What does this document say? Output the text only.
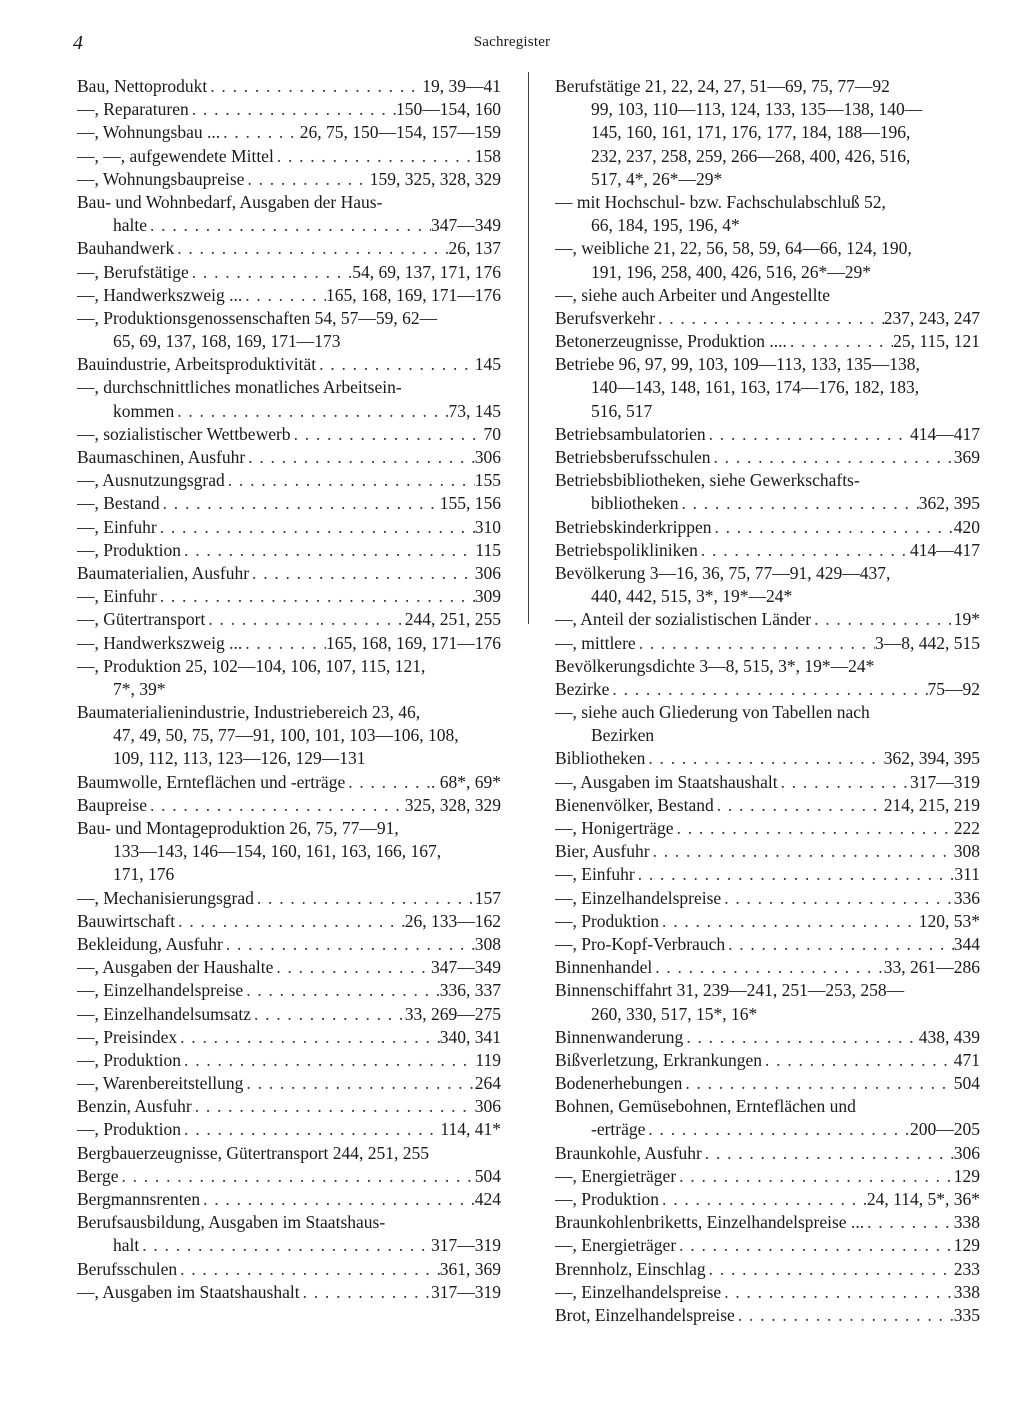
4	Sachregister
Bau, Nettoprodukt . . .	19, 39—41
—, Reparaturen . . .	150—154, 160
—, Wohnungsbau ... . . .	26, 75, 150—154, 157—159
—, —, aufgewendete Mittel . . .	158
—, Wohnungsbaupreise . . .	159, 325, 328, 329
Bau- und Wohnbedarf, Ausgaben der Haus-
halte . . .	347—349
Bauhandwerk . . .	26, 137
—, Berufstätige . . .	54, 69, 137, 171, 176
—, Handwerkszweig ... . . .	165, 168, 169, 171—176
—, Produktionsgenossenschaften 54, 57—59, 62—
65, 69, 137, 168, 169, 171—173
Bauindustrie, Arbeitsproduktivität . . .	145
—, durchschnittliches monatliches Arbeitsein-
kommen . . .	73, 145
—, sozialistischer Wettbewerb . . .	70
Baumaschinen, Ausfuhr . . .	306
—, Ausnutzungsgrad . . .	155
—, Bestand . . .	155, 156
—, Einfuhr . . .	310
—, Produktion . . .	115
Baumaterialien, Ausfuhr . . .	306
—, Einfuhr . . .	309
—, Gütertransport . . .	244, 251, 255
—, Handwerkszweig ... . . .	165, 168, 169, 171—176
—, Produktion 25, 102—104, 106, 107, 115, 121,
7*, 39*
Baumaterialienindustrie, Industriebereich 23, 46,
47, 49, 50, 75, 77—91, 100, 101, 103—106, 108,
109, 112, 113, 123—126, 129—131
Baumwolle, Ernteflächen und -erträge . . .	. 68*, 69*
Baupreise . . .	325, 328, 329
Bau- und Montageproduktion 26, 75, 77—91,
133—143, 146—154, 160, 161, 163, 166, 167,
171, 176
—, Mechanisierungsgrad . . .	157
Bauwirtschaft . . .	26, 133—162
Bekleidung, Ausfuhr . . .	308
—, Ausgaben der Haushalte . . .	347—349
—, Einzelhandelspreise . . .	336, 337
—, Einzelhandelsumsatz . . .	33, 269—275
—, Preisindex . . .	340, 341
—, Produktion . . .	119
—, Warenbereitstellung . . .	264
Benzin, Ausfuhr . . .	306
—, Produktion . . .	114, 41*
Bergbauerzeugnisse, Gütertransport 244, 251, 255
Berge . . .	504
Bergmannsrenten . . .	424
Berufsausbildung, Ausgaben im Staatshaus-
halt . . .	317—319
Berufsschulen . . .	361, 369
—, Ausgaben im Staatshaushalt . . .	317—319
Berufstätige 21, 22, 24, 27, 51—69, 75, 77—92
99, 103, 110—113, 124, 133, 135—138, 140—
145, 160, 161, 171, 176, 177, 184, 188—196,
232, 237, 258, 259, 266—268, 400, 426, 516,
517, 4*, 26*—29*
— mit Hochschul- bzw. Fachschulabschluß 52,
66, 184, 195, 196, 4*
—, weibliche 21, 22, 56, 58, 59, 64—66, 124, 190,
191, 196, 258, 400, 426, 516, 26*—29*
—, siehe auch Arbeiter und Angestellte
Berufsverkehr . . .	237, 243, 247
Betonerzeugnisse, Produktion .... . . .	25, 115, 121
Betriebe 96, 97, 99, 103, 109—113, 133, 135—138,
140—143, 148, 161, 163, 174—176, 182, 183,
516, 517
Betriebsambulatorien . . .	414—417
Betriebsberufsschulen . . .	369
Betriebsbibliotheken, siehe Gewerkschafts-
bibliotheken . . .	362, 395
Betriebskinderkrippen . . .	420
Betriebspolikliniken . . .	414—417
Bevölkerung 3—16, 36, 75, 77—91, 429—437,
440, 442, 515, 3*, 19*—24*
—, Anteil der sozialistischen Länder . . .	19*
—, mittlere . . .	3—8, 442, 515
Bevölkerungsdichte 3—8, 515, 3*, 19*—24*
Bezirke . . .	75—92
—, siehe auch Gliederung von Tabellen nach
Bezirken
Bibliotheken . . .	362, 394, 395
—, Ausgaben im Staatshaushalt . . .	317—319
Bienenvölker, Bestand . . .	214, 215, 219
—, Honigerträge . . .	222
Bier, Ausfuhr . . .	308
—, Einfuhr . . .	311
—, Einzelhandelspreise . . .	336
—, Produktion . . .	120, 53*
—, Pro-Kopf-Verbrauch . . .	344
Binnenhandel . . .	33, 261—286
Binnenschiffahrt 31, 239—241, 251—253, 258—
260, 330, 517, 15*, 16*
Binnenwanderung . . .	438, 439
Bißverletzung, Erkrankungen . . .	471
Bodenerhebungen . . .	504
Bohnen, Gemüsebohnen, Ernteflächen und
-erträge . . .	200—205
Braunkohle, Ausfuhr . . .	306
—, Energieträger . . .	129
—, Produktion . . .	24, 114, 5*, 36*
Braunkohlenbriketts, Einzelhandelspreise ... . . .	338
—, Energieträger . . .	129
Brennholz, Einschlag . . .	233
—, Einzelhandelspreise . . .	338
Brot, Einzelhandelspreise . . .	335
